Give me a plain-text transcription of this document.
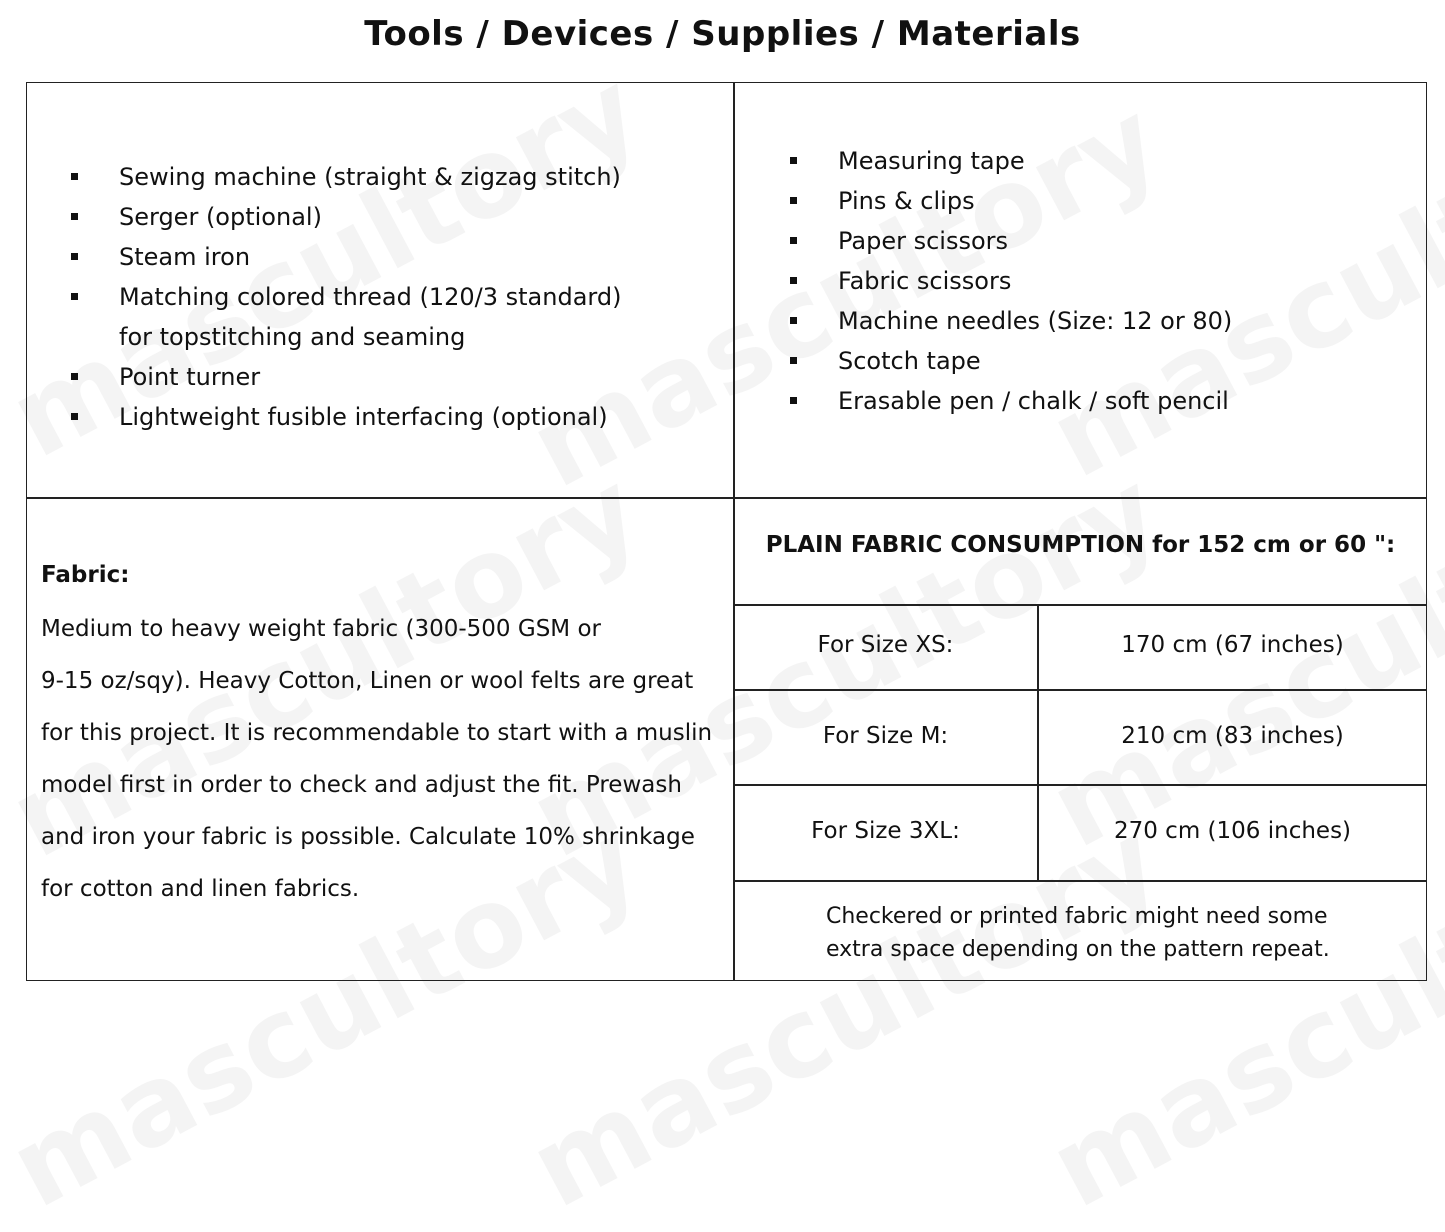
Tools / Devices / Supplies / Materials
Sewing machine (straight & zigzag stitch)
Serger (optional)
Steam iron
Matching colored thread (120/3 standard)
for topstitching and seaming
Point turner
Lightweight fusible interfacing (optional)
Measuring tape
Pins & clips
Paper scissors
Fabric scissors
Machine needles (Size: 12 or 80)
Scotch tape
Erasable pen / chalk / soft pencil
Fabric:
Medium to heavy weight fabric (300-500 GSM or
9-15 oz/sqy). Heavy Cotton, Linen or wool felts are great
for this project. It is recommendable to start with a muslin
model first in order to check and adjust the fit. Prewash
and iron your fabric is possible. Calculate 10% shrinkage
for cotton and linen fabrics.
PLAIN FABRIC CONSUMPTION for 152 cm or 60 ":
For Size XS:	170 cm (67 inches)
For Size M:	210 cm (83 inches)
For Size 3XL:	270 cm (106 inches)
Checkered or printed fabric might need some
extra space depending on the pattern repeat.
